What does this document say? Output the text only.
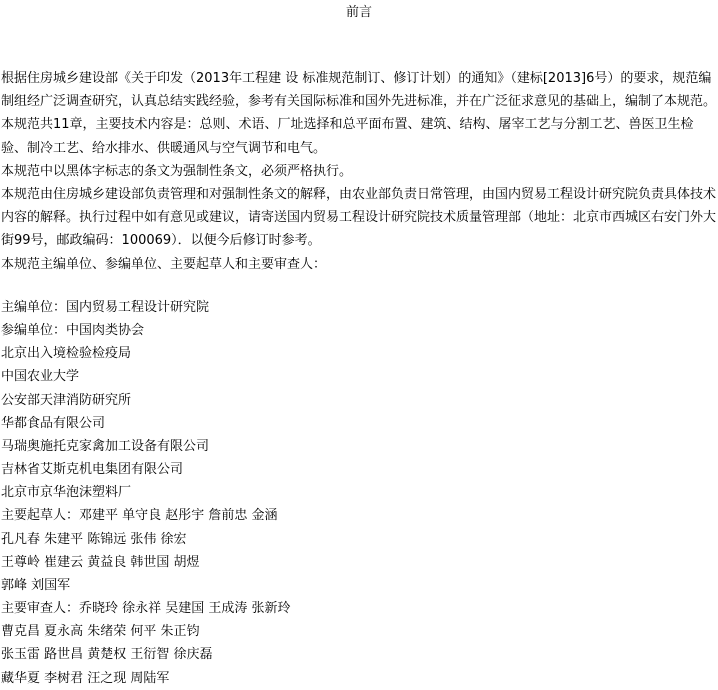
前言

根据住房城乡建设部《关于印发（2013年工程建 设 标准规范制订、修订计划）的通知》（建标[2013]6号）的要求，规范编制组经广泛调查研究，认真总结实践经验，参考有关国际标准和国外先进标准，并在广泛征求意见的基础上，编制了本规范。

本规范共11章，主要技术内容是：总则、术语、厂址选择和总平面布置、建筑、结构、屠宰工艺与分割工艺、兽医卫生检验、制冷工艺、给水排水、供暖通风与空气调节和电气。

本规范中以黑体字标志的条文为强制性条文，必须严格执行。

本规范由住房城乡建设部负责管理和对强制性条文的解释，由农业部负责日常管理，由国内贸易工程设计研究院负责具体技术内容的解释。执行过程中如有意见或建议，请寄送国内贸易工程设计研究院技术质量管理部（地址：北京市西城区右安门外大街99号，邮政编码：100069）．以便今后修订时参考。

本规范主编单位、参编单位、主要起草人和主要审查人：

主编单位：国内贸易工程设计研究院

参编单位：中国肉类协会

北京出入境检验检疫局

中国农业大学

公安部天津消防研究所

华都食品有限公司

马瑞奥施托克家禽加工设备有限公司

吉林省艾斯克机电集团有限公司

北京市京华泡沫塑料厂

主要起草人：邓建平 单守良 赵彤宇 詹前忠 金涵

孔凡春 朱建平 陈锦远 张伟 徐宏

王尊岭 崔建云 黄益良 韩世国 胡煜

郭峰 刘国军

主要审查人：乔晓玲 徐永祥 吴建国 王成涛 张新玲

曹克昌 夏永高 朱绪荣 何平 朱正钧

张玉雷 路世昌 黄楚权 王衍智 徐庆磊

藏华夏 李树君 汪之现 周陆军
